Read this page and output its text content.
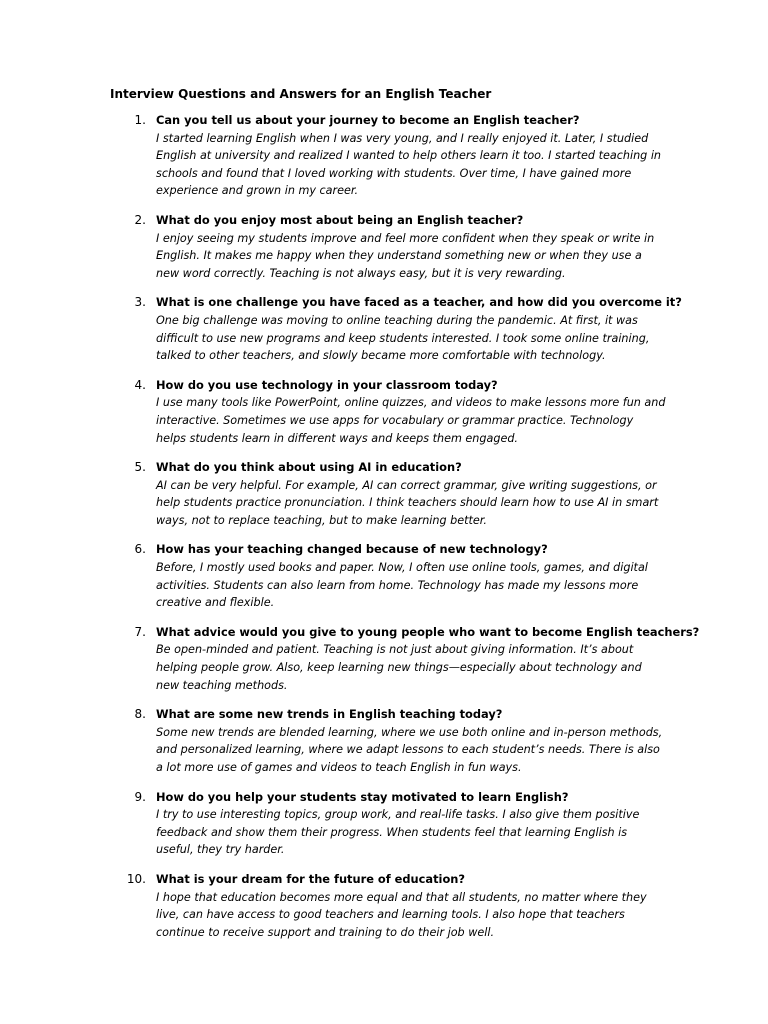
Interview Questions and Answers for an English Teacher
1. Can you tell us about your journey to become an English teacher?
I started learning English when I was very young, and I really enjoyed it. Later, I studied English at university and realized I wanted to help others learn it too. I started teaching in schools and found that I loved working with students. Over time, I have gained more experience and grown in my career.
2. What do you enjoy most about being an English teacher?
I enjoy seeing my students improve and feel more confident when they speak or write in English. It makes me happy when they understand something new or when they use a new word correctly. Teaching is not always easy, but it is very rewarding.
3. What is one challenge you have faced as a teacher, and how did you overcome it?
One big challenge was moving to online teaching during the pandemic. At first, it was difficult to use new programs and keep students interested. I took some online training, talked to other teachers, and slowly became more comfortable with technology.
4. How do you use technology in your classroom today?
I use many tools like PowerPoint, online quizzes, and videos to make lessons more fun and interactive. Sometimes we use apps for vocabulary or grammar practice. Technology helps students learn in different ways and keeps them engaged.
5. What do you think about using AI in education?
AI can be very helpful. For example, AI can correct grammar, give writing suggestions, or help students practice pronunciation. I think teachers should learn how to use AI in smart ways, not to replace teaching, but to make learning better.
6. How has your teaching changed because of new technology?
Before, I mostly used books and paper. Now, I often use online tools, games, and digital activities. Students can also learn from home. Technology has made my lessons more creative and flexible.
7. What advice would you give to young people who want to become English teachers?
Be open-minded and patient. Teaching is not just about giving information. It’s about helping people grow. Also, keep learning new things—especially about technology and new teaching methods.
8. What are some new trends in English teaching today?
Some new trends are blended learning, where we use both online and in-person methods, and personalized learning, where we adapt lessons to each student’s needs. There is also a lot more use of games and videos to teach English in fun ways.
9. How do you help your students stay motivated to learn English?
I try to use interesting topics, group work, and real-life tasks. I also give them positive feedback and show them their progress. When students feel that learning English is useful, they try harder.
10. What is your dream for the future of education?
I hope that education becomes more equal and that all students, no matter where they live, can have access to good teachers and learning tools. I also hope that teachers continue to receive support and training to do their job well.
